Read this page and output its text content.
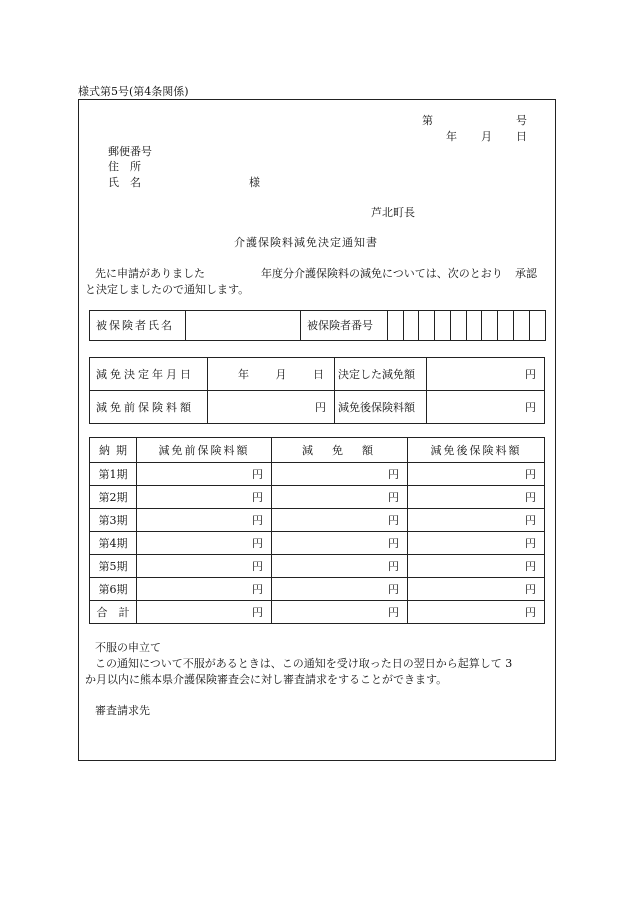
様式第5号(第4条関係)
第	号
年 月 日
郵便番号
住　所
氏　名	様
芦北町長
介護保険料減免決定通知書
先に申請がありました	年度分介護保険料の減免については、次のとおり 承認
と決定しましたので通知します。
被保険者氏名		被保険者番号										
減免決定年月日	年 月 日	決定した減免額	円
減免前保険料額	円	減免後保険料額	円
納 期	減免前保険料額	減　免　額	減免後保険料額
第1期	円	円	円
第2期	円	円	円
第3期	円	円	円
第4期	円	円	円
第5期	円	円	円
第6期	円	円	円
合　計	円	円	円
不服の申立て
この通知について不服があるときは、この通知を受け取った日の翌日から起算して 3
か月以内に熊本県介護保険審査会に対し審査請求をすることができます。
審査請求先
